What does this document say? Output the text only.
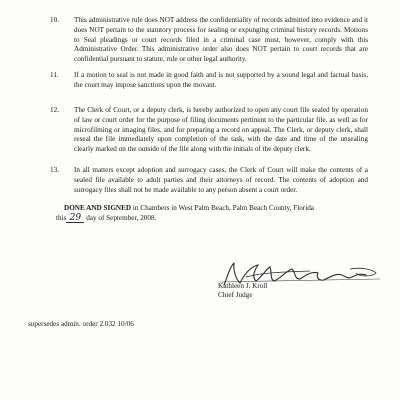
10.	This administrative rule does NOT address the confidentiality of records admitted into evidence and it does NOT pertain to the statutory process for sealing or expunging criminal history records. Motions to Seal pleadings or court records filed in a criminal case must, however, comply with this Administrative Order. This administrative order also does NOT pertain to court records that are confidential pursuant to statute, rule or other legal authority.
11.	If a motion to seal is not made in good faith and is not supported by a sound legal and factual basis, the court may impose sanctions upon the movant.
12.	The Clerk of Court, or a deputy clerk, is hereby authorized to open any court file sealed by operation of law or court order for the purpose of filing documents pertinent to the particular file, as well as for microfilming or imaging files, and for preparing a record on appeal. The Clerk, or deputy clerk, shall reseal the file immediately upon completion of the task, with the date and time of the unsealing clearly marked on the outside of the file along with the initials of the deputy clerk.
13.	In all matters except adoption and surrogacy cases, the Clerk of Court will make the contents of a sealed file available to adult parties and their attorneys of record. The contents of adoption and surrogacy files shall not be made available to any person absent a court order.
DONE AND SIGNED in Chambers in West Palm Beach, Palm Beach County, Florida
this 29 day of September, 2008.
Kathleen J. Kroll
Chief Judge
supersedes admin. order 2.032 10/06
